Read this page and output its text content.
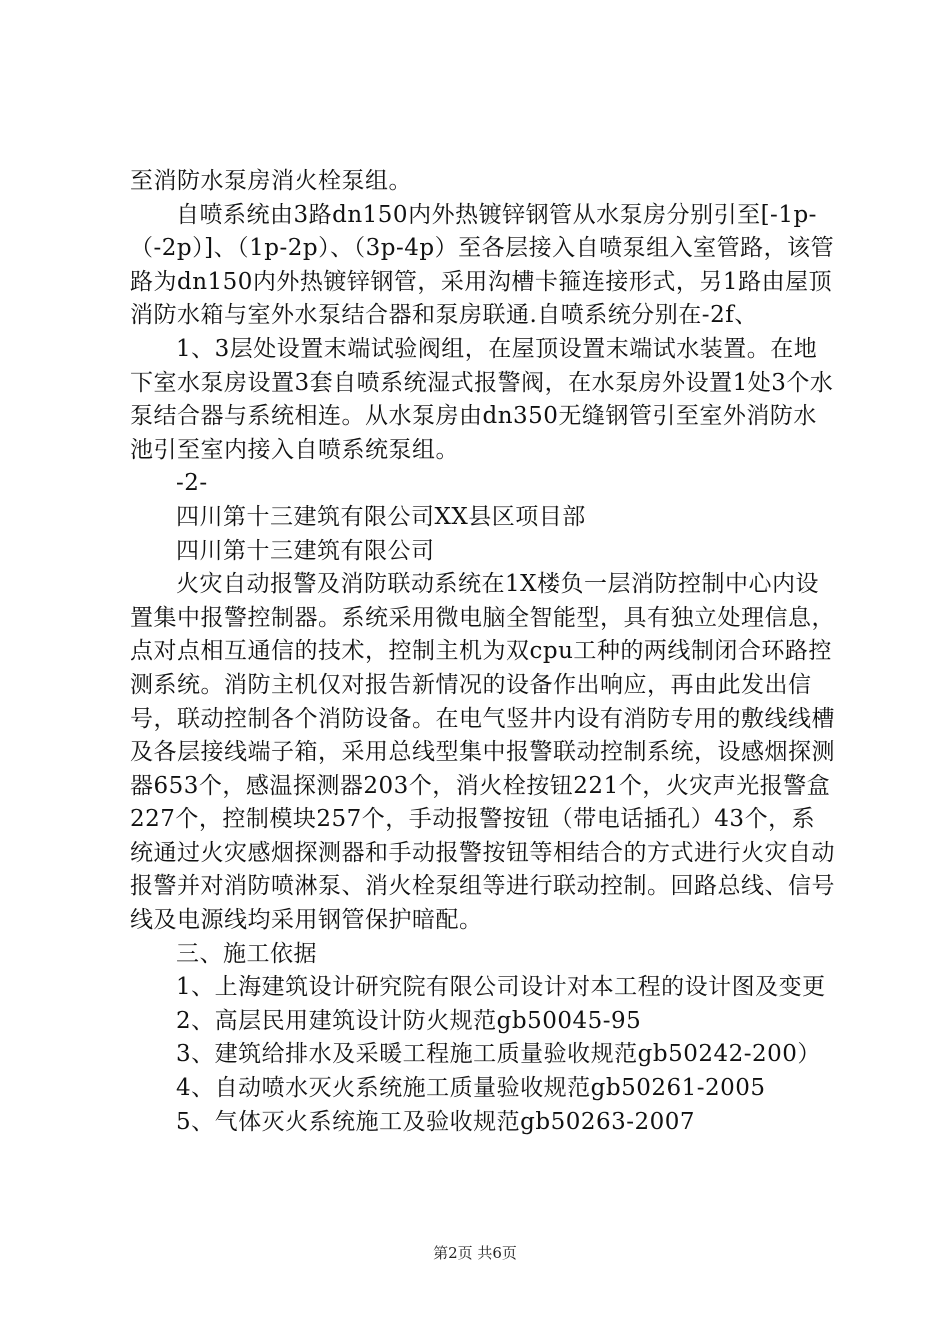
至消防水泵房消火栓泵组。

自喷系统由3路dn150内外热镀锌钢管从水泵房分别引至[-1p-（-2p）]、（1p-2p）、（3p-4p）至各层接入自喷泵组入室管路，该管路为dn150内外热镀锌钢管，采用沟槽卡箍连接形式，另1路由屋顶消防水箱与室外水泵结合器和泵房联通.自喷系统分别在-2f、

1、3层处设置末端试验阀组，在屋顶设置末端试水装置。在地下室水泵房设置3套自喷系统湿式报警阀，在水泵房外设置1处3个水泵结合器与系统相连。从水泵房由dn350无缝钢管引至室外消防水池引至室内接入自喷系统泵组。

-2-

四川第十三建筑有限公司XX县区项目部

四川第十三建筑有限公司

火灾自动报警及消防联动系统在1X楼负一层消防控制中心内设置集中报警控制器。系统采用微电脑全智能型，具有独立处理信息，点对点相互通信的技术，控制主机为双cpu工种的两线制闭合环路控测系统。消防主机仅对报告新情况的设备作出响应，再由此发出信号，联动控制各个消防设备。在电气竖井内设有消防专用的敷线线槽及各层接线端子箱，采用总线型集中报警联动控制系统，设感烟探测器653个，感温探测器203个，消火栓按钮221个，火灾声光报警盒227个，控制模块257个，手动报警按钮（带电话插孔）43个，系统通过火灾感烟探测器和手动报警按钮等相结合的方式进行火灾自动报警并对消防喷淋泵、消火栓泵组等进行联动控制。回路总线、信号线及电源线均采用钢管保护暗配。

三、施工依据

1、上海建筑设计研究院有限公司设计对本工程的设计图及变更

2、高层民用建筑设计防火规范gb50045-95

3、建筑给排水及采暖工程施工质量验收规范gb50242-200）

4、自动喷水灭火系统施工质量验收规范gb50261-2005

5、气体灭火系统施工及验收规范gb50263-2007

第2页 共6页
